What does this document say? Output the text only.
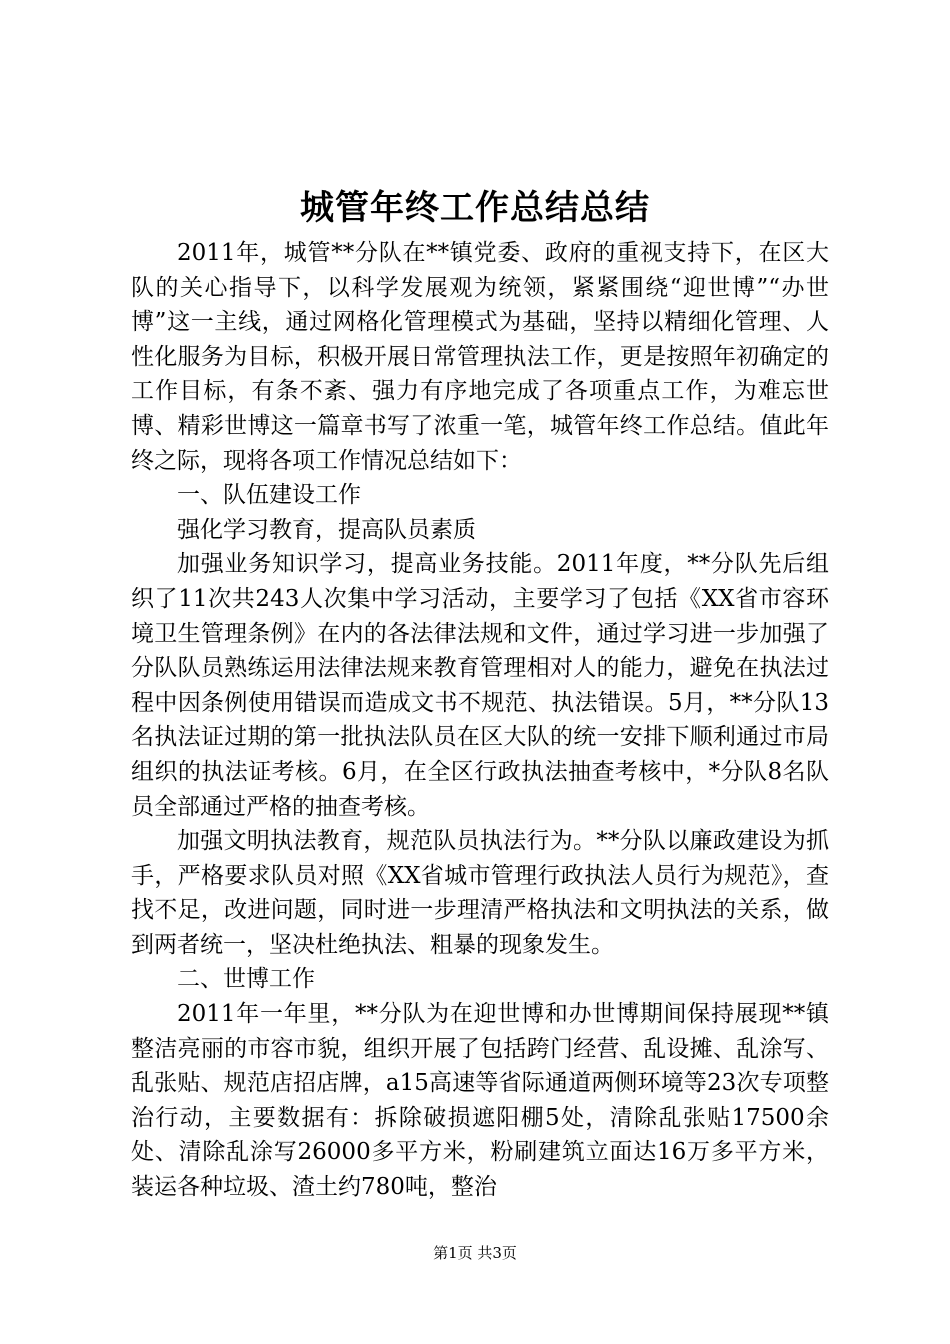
城管年终工作总结总结

2011年，城管**分队在**镇党委、政府的重视支持下，在区大队的关心指导下，以科学发展观为统领，紧紧围绕“迎世博”“办世博”这一主线，通过网格化管理模式为基础，坚持以精细化管理、人性化服务为目标，积极开展日常管理执法工作，更是按照年初确定的工作目标，有条不紊、强力有序地完成了各项重点工作，为难忘世博、精彩世博这一篇章书写了浓重一笔，城管年终工作总结。值此年终之际，现将各项工作情况总结如下：

一、队伍建设工作

强化学习教育，提高队员素质

加强业务知识学习，提高业务技能。2011年度，**分队先后组织了11次共243人次集中学习活动，主要学习了包括《XX省市容环境卫生管理条例》在内的各法律法规和文件，通过学习进一步加强了分队队员熟练运用法律法规来教育管理相对人的能力，避免在执法过程中因条例使用错误而造成文书不规范、执法错误。5月，**分队13名执法证过期的第一批执法队员在区大队的统一安排下顺利通过市局组织的执法证考核。6月，在全区行政执法抽查考核中，*分队8名队员全部通过严格的抽查考核。

加强文明执法教育，规范队员执法行为。**分队以廉政建设为抓手，严格要求队员对照《XX省城市管理行政执法人员行为规范》，查找不足，改进问题，同时进一步理清严格执法和文明执法的关系，做到两者统一，坚决杜绝执法、粗暴的现象发生。

二、世博工作

2011年一年里，**分队为在迎世博和办世博期间保持展现**镇整洁亮丽的市容市貌，组织开展了包括跨门经营、乱设摊、乱涂写、乱张贴、规范店招店牌，a15高速等省际通道两侧环境等23次专项整治行动，主要数据有：拆除破损遮阳棚5处，清除乱张贴17500余处、清除乱涂写26000多平方米，粉刷建筑立面达16万多平方米，装运各种垃圾、渣土约780吨，整治

第1页 共3页
